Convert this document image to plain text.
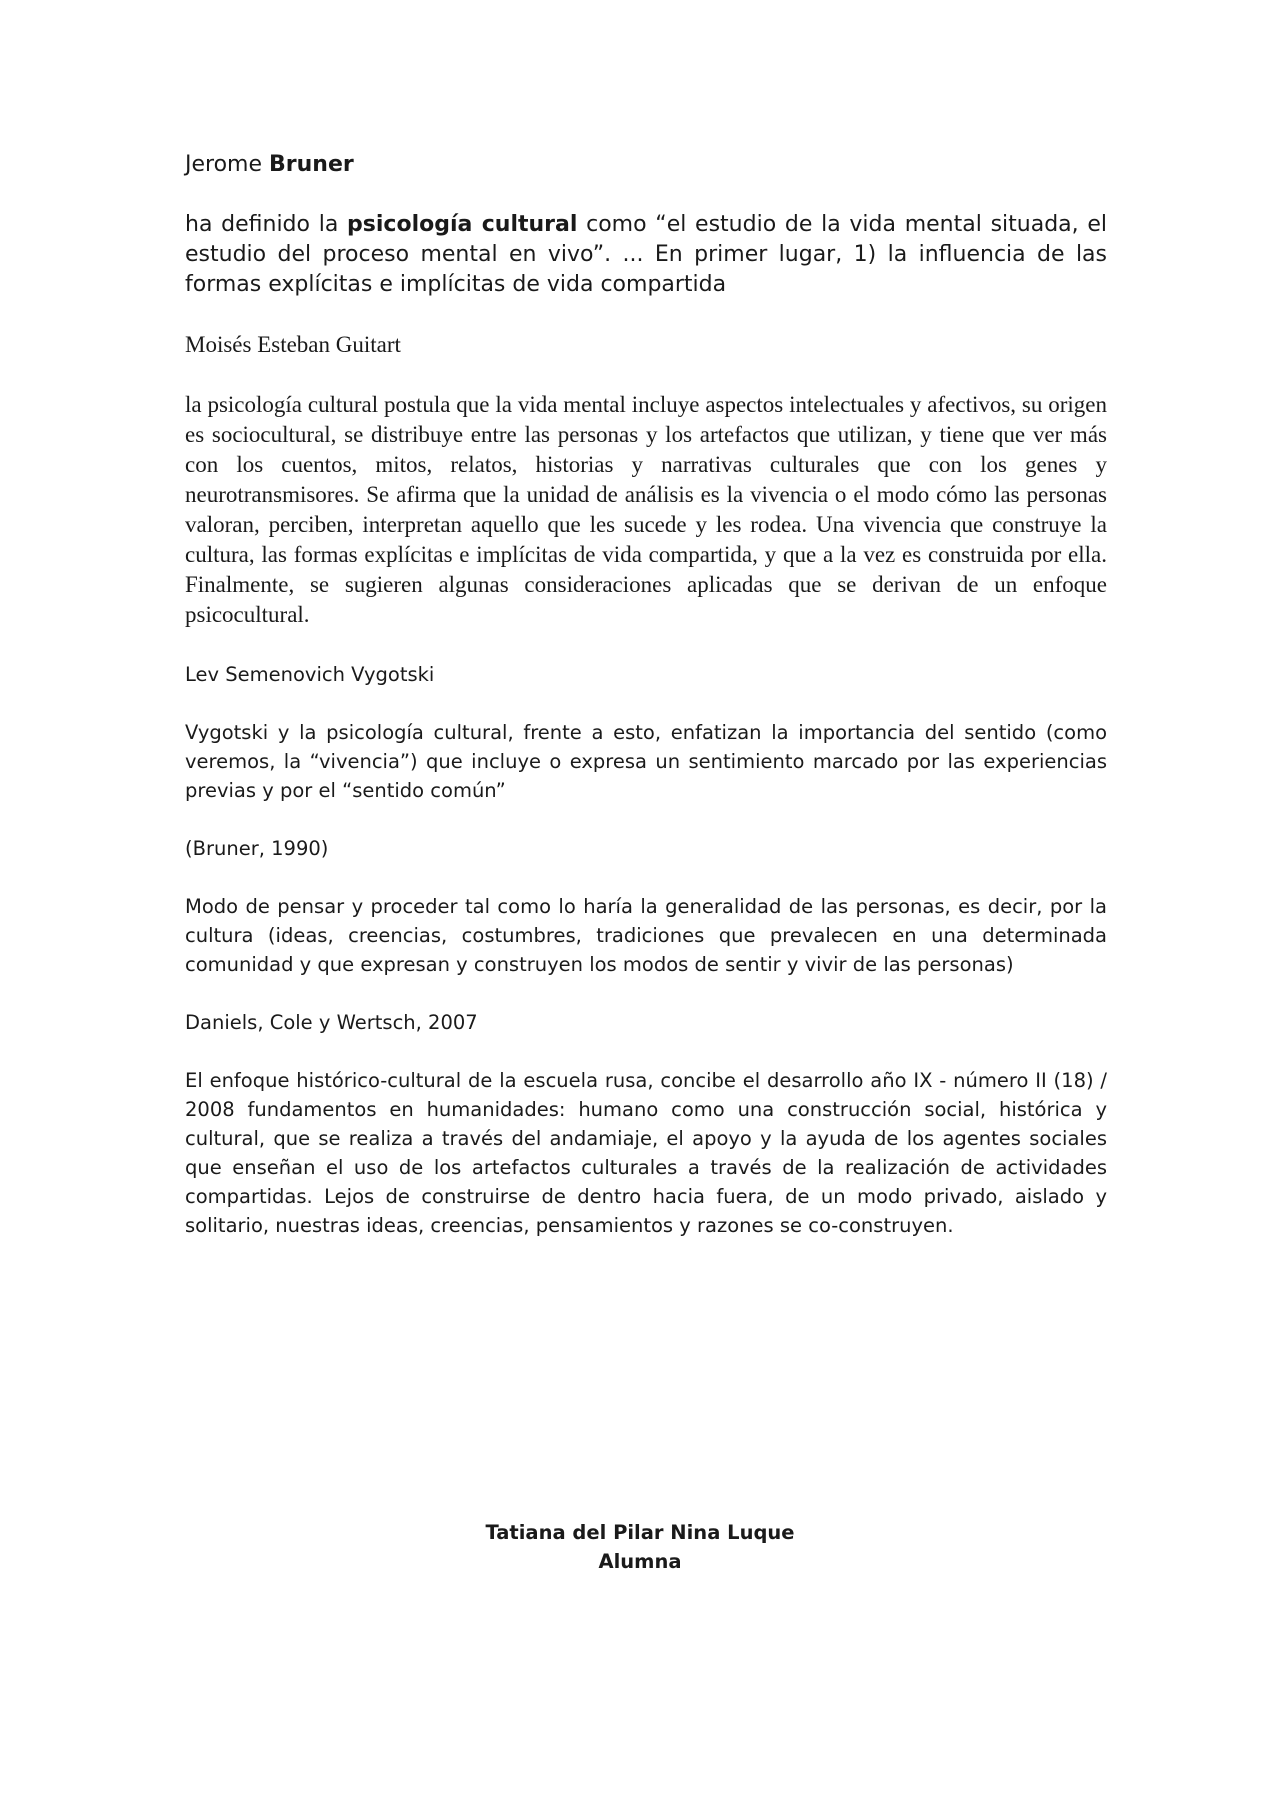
Jerome Bruner

ha definido la psicología cultural como “el estudio de la vida mental situada, el estudio del proceso mental en vivo”. ... En primer lugar, 1) la influencia de las formas explícitas e implícitas de vida compartida

Moisés Esteban Guitart

la psicología cultural postula que la vida mental incluye aspectos intelectuales y afectivos, su origen es sociocultural, se distribuye entre las personas y los artefactos que utilizan, y tiene que ver más con los cuentos, mitos, relatos, historias y narrativas culturales que con los genes y neurotransmisores. Se afirma que la unidad de análisis es la vivencia o el modo cómo las personas valoran, perciben, interpretan aquello que les sucede y les rodea. Una vivencia que construye la cultura, las formas explícitas e implícitas de vida compartida, y que a la vez es construida por ella. Finalmente, se sugieren algunas consideraciones aplicadas que se derivan de un enfoque psicocultural.

Lev Semenovich Vygotski

Vygotski y la psicología cultural, frente a esto, enfatizan la importancia del sentido (como veremos, la “vivencia”) que incluye o expresa un sentimiento marcado por las experiencias previas y por el “sentido común”

(Bruner, 1990)

Modo de pensar y proceder tal como lo haría la generalidad de las personas, es decir, por la cultura (ideas, creencias, costumbres, tradiciones que prevalecen en una determinada comunidad y que expresan y construyen los modos de sentir y vivir de las personas)

Daniels, Cole y Wertsch, 2007

El enfoque histórico-cultural de la escuela rusa, concibe el desarrollo año IX - número II (18) / 2008 fundamentos en humanidades: humano como una construcción social, histórica y cultural, que se realiza a través del andamiaje, el apoyo y la ayuda de los agentes sociales que enseñan el uso de los artefactos culturales a través de la realización de actividades compartidas. Lejos de construirse de dentro hacia fuera, de un modo privado, aislado y solitario, nuestras ideas, creencias, pensamientos y razones se co-construyen.

Tatiana del Pilar Nina Luque
Alumna
